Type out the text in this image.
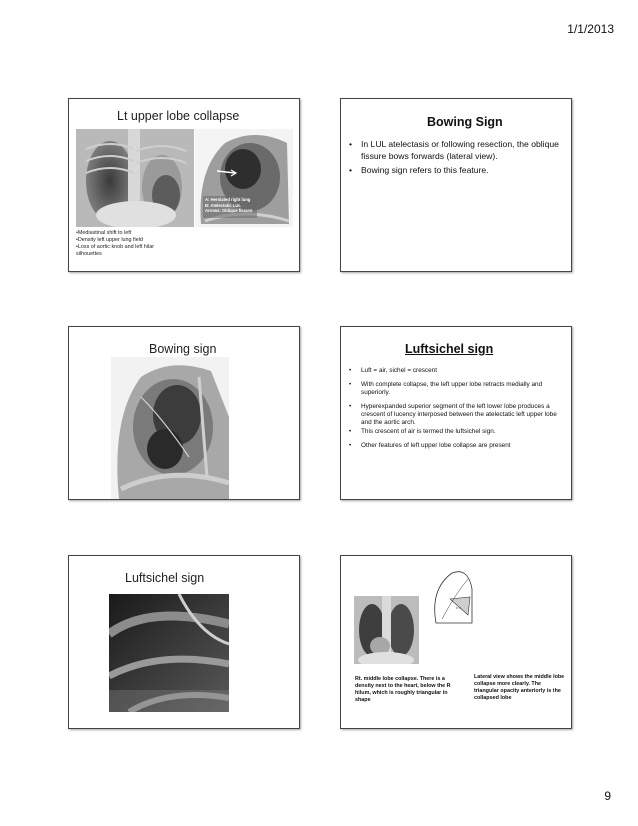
1/1/2013
Lt upper lobe collapse
A: Herniated right lung
B: Atelectatic LUL
Arrows: Oblique fissure
•Mediastinal shift to left
•Density left upper lung field
•Loss of aortic knob and left hilar
silhouettes
Bowing Sign
• In LUL atelectasis or following resection, the oblique fissure bows forwards (lateral view).
• Bowing sign refers to this feature.
Bowing sign	Luftsichel sign
• Luft = air, sichel = crescent
• With complete collapse, the left upper lobe retracts medially and superiorly.
• Hyperexpanded superior segment of the left lower lobe produces a crescent of lucency interposed between the atelectatic left upper lobe and the aortic arch.
• This crescent of air is termed the luftsichel sign.
• Other features of left upper lobe collapse are present
Luftsichel sign
x x
Rt. middle lobe collapse. There is a density next to the heart, below the R hilum, which is roughly triangular in shape
Lateral view shows the middle lobe collapse more clearly. The triangular opacity anteriorly is the collapsed lobe
9
